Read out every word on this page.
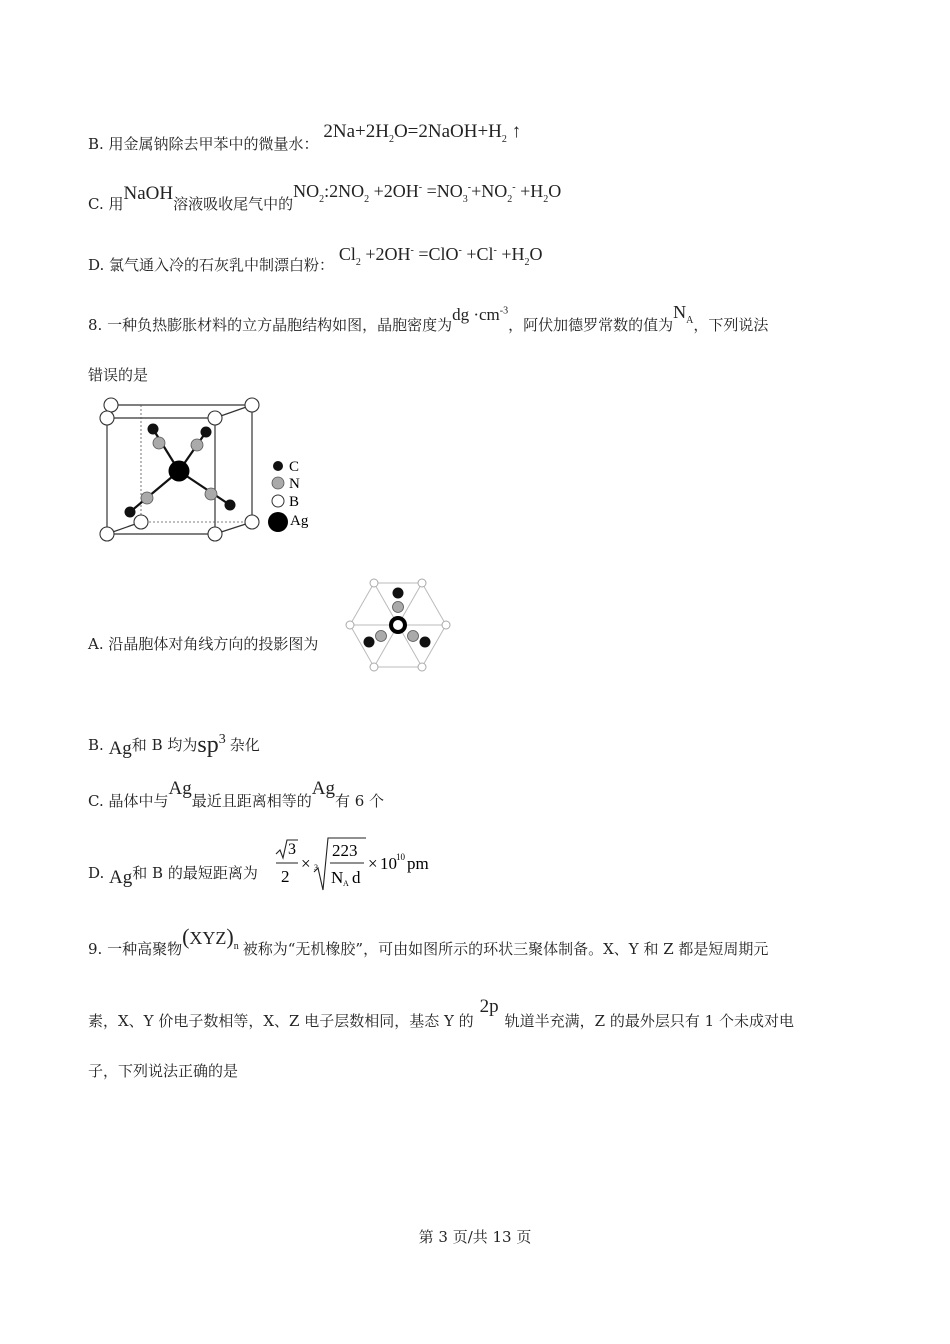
B. 用金属钠除去甲苯中的微量水： $2Na+2H_2O=2NaOH+H_2$ ↑
C. 用NaOH溶液吸收尾气中的$NO_2:2NO_2 +2OH^- =NO_3^-+NO_2^- +H_2O$
D. 氯气通入冷的石灰乳中制漂白粉： $Cl_2 +2OH^- =ClO^- +Cl^- +H_2O$
8. 一种负热膨胀材料的立方晶胞结构如图，晶胞密度为dg $\cdot cm^{-3}$，阿伏加德罗常数的值为$N_A$，下列说法
错误的是
C
N
B
Ag
A. 沿晶胞体对角线方向的投影图为
B. Ag和 B 均为$sp^3$ 杂化
C. 晶体中与Ag最近且距离相等的Ag有 6 个
D. Ag和 B 的最短距离为
3
2
× 3
223
N A d
× 10 10 pm
9. 一种高聚物$(XYZ)_n$ 被称为“无机橡胶”，可由如图所示的环状三聚体制备。X、Y 和 Z 都是短周期元
素，X、Y 价电子数相等，X、Z 电子层数相同，基态 Y 的2p轨道半充满，Z 的最外层只有 1 个未成对电
子，下列说法正确的是
第 3 页/共 13 页
